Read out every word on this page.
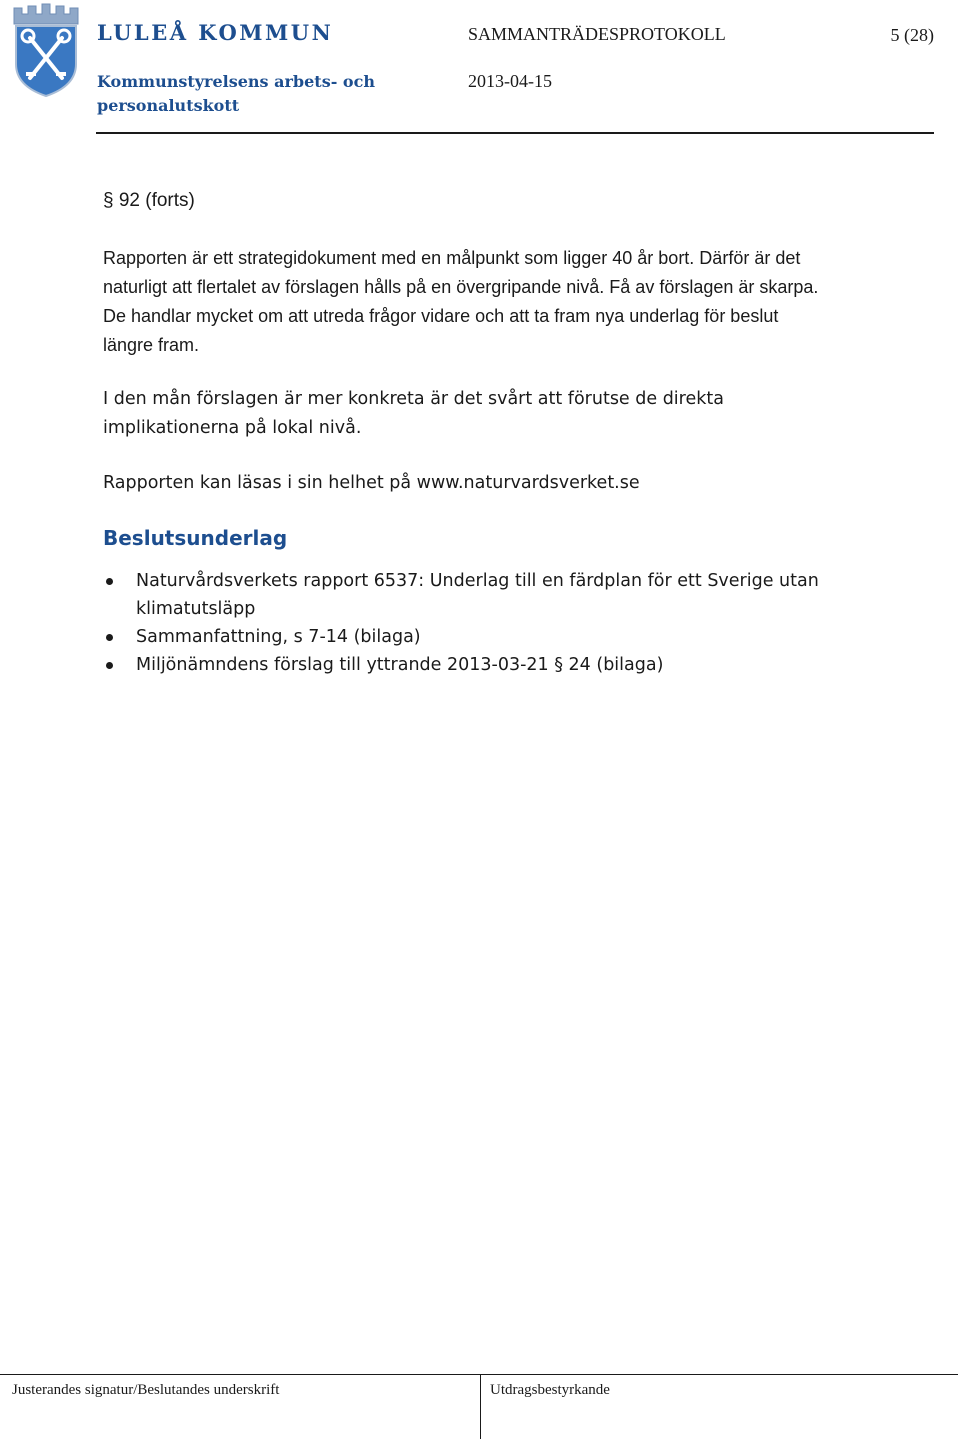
LULEÅ KOMMUN	SAMMANTRÄDESPROTOKOLL	5 (28)
Kommunstyrelsens arbets- och personalutskott
2013-04-15
§ 92 (forts)
Rapporten är ett strategidokument med en målpunkt som ligger 40 år bort. Därför är det naturligt att flertalet av förslagen hålls på en övergripande nivå. Få av förslagen är skarpa. De handlar mycket om att utreda frågor vidare och att ta fram nya underlag för beslut längre fram.
I den mån förslagen är mer konkreta är det svårt att förutse de direkta implikationerna på lokal nivå.
Rapporten kan läsas i sin helhet på www.naturvardsverket.se
Beslutsunderlag
Naturvårdsverkets rapport 6537: Underlag till en färdplan för ett Sverige utan klimatutsläpp
Sammanfattning, s 7-14 (bilaga)
Miljönämndens förslag till yttrande 2013-03-21 § 24 (bilaga)
Justerandes signatur/Beslutandes underskrift	Utdragsbestyrkande
